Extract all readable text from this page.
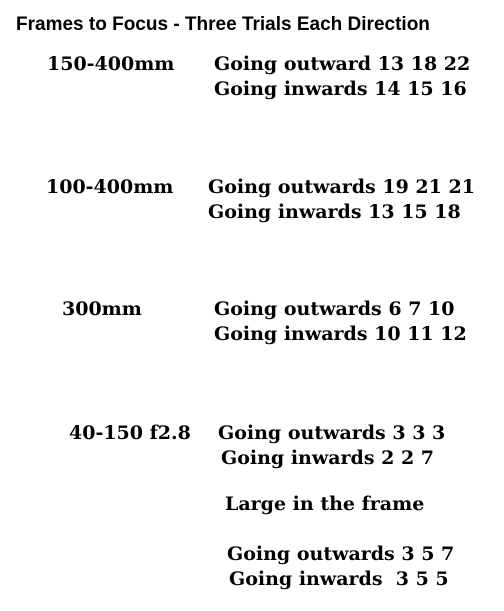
Frames to Focus - Three Trials Each Direction
150-400mm Going outward 13 18 22
Going inwards 14 15 16
100-400mm Going outwards 19 21 21
Going inwards 13 15 18
300mm	Going outwards 6 7 10
Going inwards 10 11 12
40-150 f2.8 Going outwards 3 3 3
Going inwards 2 2 7
Large in the frame
Going outwards 3 5 7
Going inwards  3 5 5
